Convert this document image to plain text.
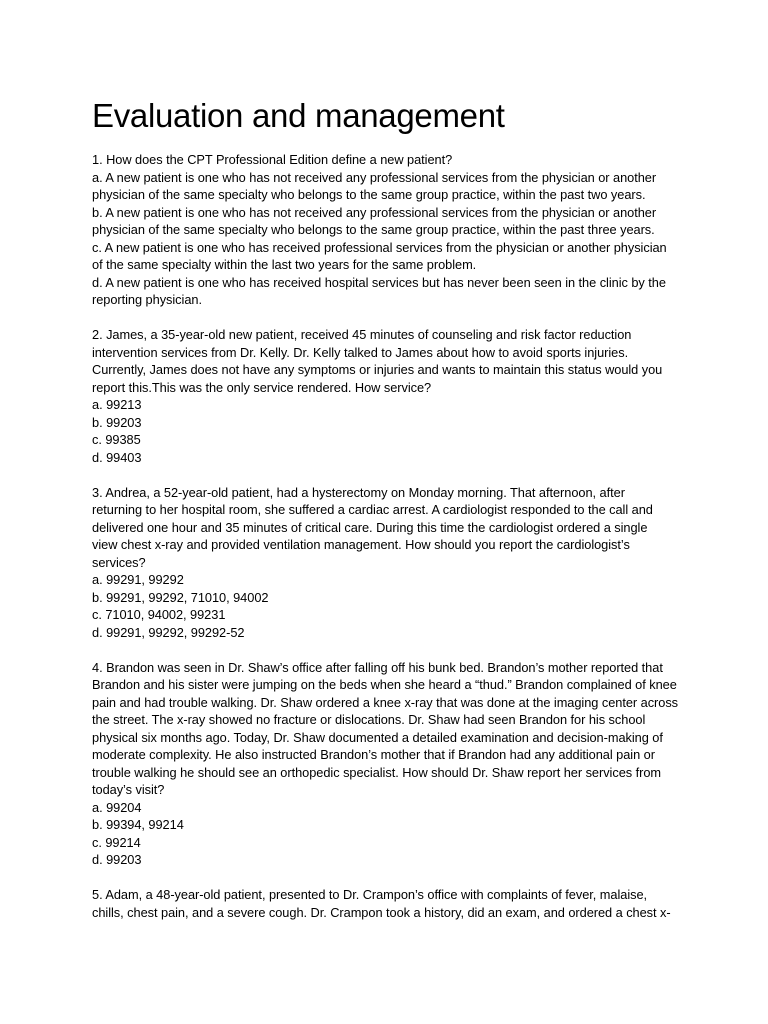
Evaluation and management
1. How does the CPT Professional Edition define a new patient?
a. A new patient is one who has not received any professional services from the physician or another
physician of the same specialty who belongs to the same group practice, within the past two years.
b. A new patient is one who has not received any professional services from the physician or another
physician of the same specialty who belongs to the same group practice, within the past three years.
c. A new patient is one who has received professional services from the physician or another physician
of the same specialty within the last two years for the same problem.
d. A new patient is one who has received hospital services but has never been seen in the clinic by the
reporting physician.
2. James, a 35-year-old new patient, received 45 minutes of counseling and risk factor reduction
intervention services from Dr. Kelly. Dr. Kelly talked to James about how to avoid sports injuries.
Currently, James does not have any symptoms or injuries and wants to maintain this status would you
report this.This was the only service rendered. How service?
a. 99213
b. 99203
c. 99385
d. 99403
3. Andrea, a 52-year-old patient, had a hysterectomy on Monday morning. That afternoon, after
returning to her hospital room, she suffered a cardiac arrest. A cardiologist responded to the call and
delivered one hour and 35 minutes of critical care. During this time the cardiologist ordered a single
view chest x-ray and provided ventilation management. How should you report the cardiologist’s
services?
a. 99291, 99292
b. 99291, 99292, 71010, 94002
c. 71010, 94002, 99231
d. 99291, 99292, 99292-52
4. Brandon was seen in Dr. Shaw’s office after falling off his bunk bed. Brandon’s mother reported that
Brandon and his sister were jumping on the beds when she heard a “thud.” Brandon complained of knee
pain and had trouble walking. Dr. Shaw ordered a knee x-ray that was done at the imaging center across
the street. The x-ray showed no fracture or dislocations. Dr. Shaw had seen Brandon for his school
physical six months ago. Today, Dr. Shaw documented a detailed examination and decision-making of
moderate complexity. He also instructed Brandon’s mother that if Brandon had any additional pain or
trouble walking he should see an orthopedic specialist. How should Dr. Shaw report her services from
today’s visit?
a. 99204
b. 99394, 99214
c. 99214
d. 99203
5. Adam, a 48-year-old patient, presented to Dr. Crampon’s office with complaints of fever, malaise,
chills, chest pain, and a severe cough. Dr. Crampon took a history, did an exam, and ordered a chest x-
